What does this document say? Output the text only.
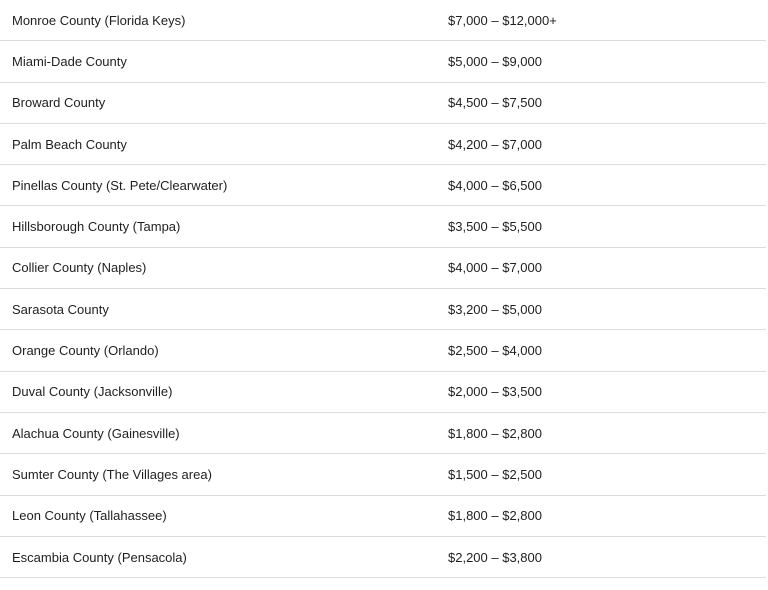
Monroe County (Florida Keys)	$7,000 – $12,000+
Miami-Dade County	$5,000 – $9,000
Broward County	$4,500 – $7,500
Palm Beach County	$4,200 – $7,000
Pinellas County (St. Pete/Clearwater)	$4,000 – $6,500
Hillsborough County (Tampa)	$3,500 – $5,500
Collier County (Naples)	$4,000 – $7,000
Sarasota County	$3,200 – $5,000
Orange County (Orlando)	$2,500 – $4,000
Duval County (Jacksonville)	$2,000 – $3,500
Alachua County (Gainesville)	$1,800 – $2,800
Sumter County (The Villages area)	$1,500 – $2,500
Leon County (Tallahassee)	$1,800 – $2,800
Escambia County (Pensacola)	$2,200 – $3,800
